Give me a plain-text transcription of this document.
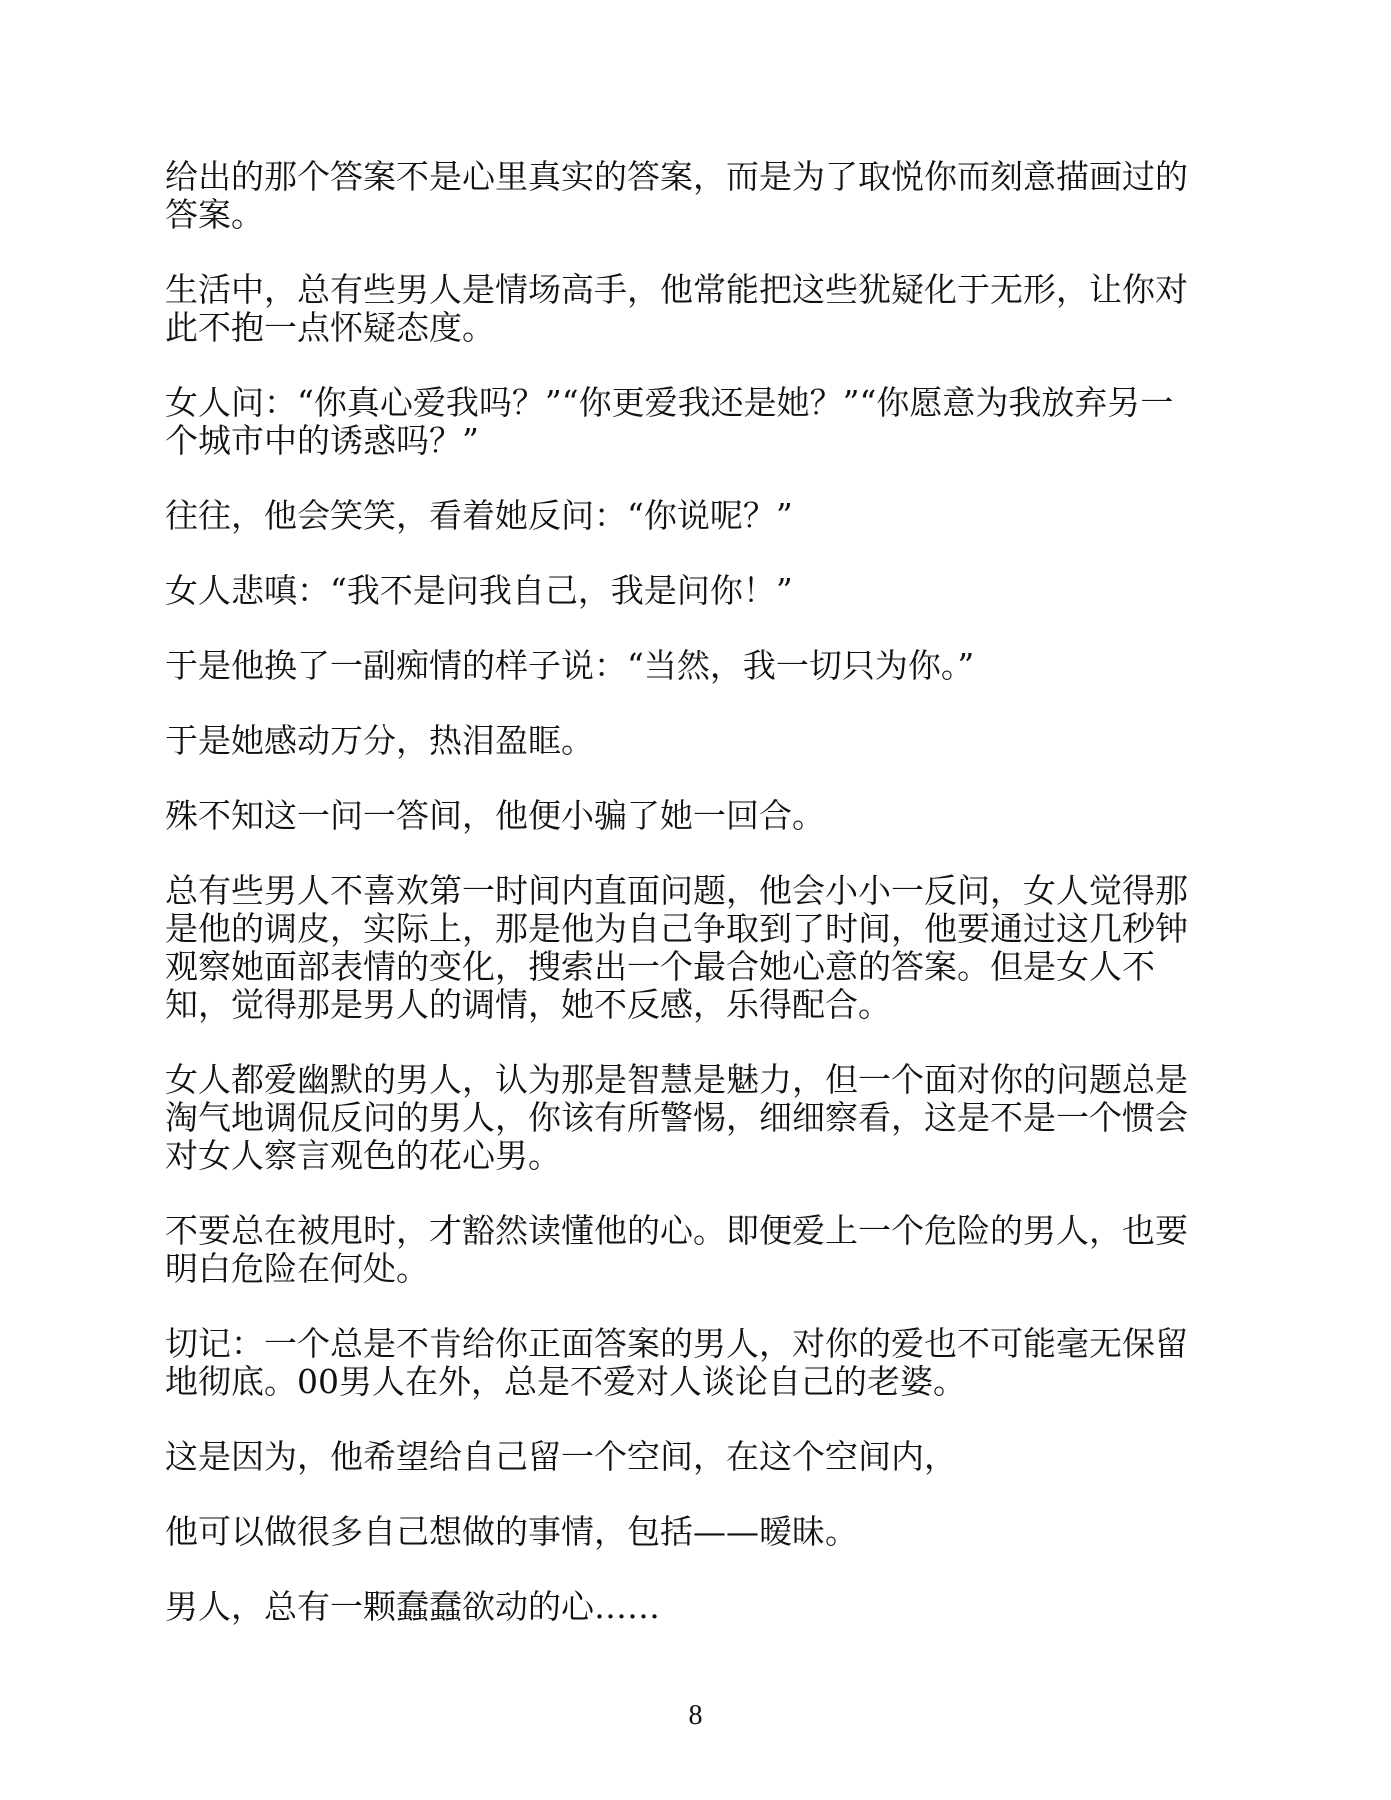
给出的那个答案不是心里真实的答案，而是为了取悦你而刻意描画过的
答案。

生活中，总有些男人是情场高手，他常能把这些犹疑化于无形，让你对
此不抱一点怀疑态度。

女人问：“你真心爱我吗？”“你更爱我还是她？”“你愿意为我放弃另一
个城市中的诱惑吗？”

往往，他会笑笑，看着她反问：“你说呢？”

女人悲嗔：“我不是问我自己，我是问你！”

于是他换了一副痴情的样子说：“当然，我一切只为你。”

于是她感动万分，热泪盈眶。

殊不知这一问一答间，他便小骗了她一回合。

总有些男人不喜欢第一时间内直面问题，他会小小一反问，女人觉得那
是他的调皮，实际上，那是他为自己争取到了时间，他要通过这几秒钟
观察她面部表情的变化，搜索出一个最合她心意的答案。但是女人不
知，觉得那是男人的调情，她不反感，乐得配合。

女人都爱幽默的男人，认为那是智慧是魅力，但一个面对你的问题总是
淘气地调侃反问的男人，你该有所警惕，细细察看，这是不是一个惯会
对女人察言观色的花心男。

不要总在被甩时，才豁然读懂他的心。即便爱上一个危险的男人，也要
明白危险在何处。

切记：一个总是不肯给你正面答案的男人，对你的爱也不可能毫无保留
地彻底。00男人在外，总是不爱对人谈论自己的老婆。

这是因为，他希望给自己留一个空间，在这个空间内，

他可以做很多自己想做的事情，包括——暧昧。

男人，总有一颗蠢蠢欲动的心……

8
